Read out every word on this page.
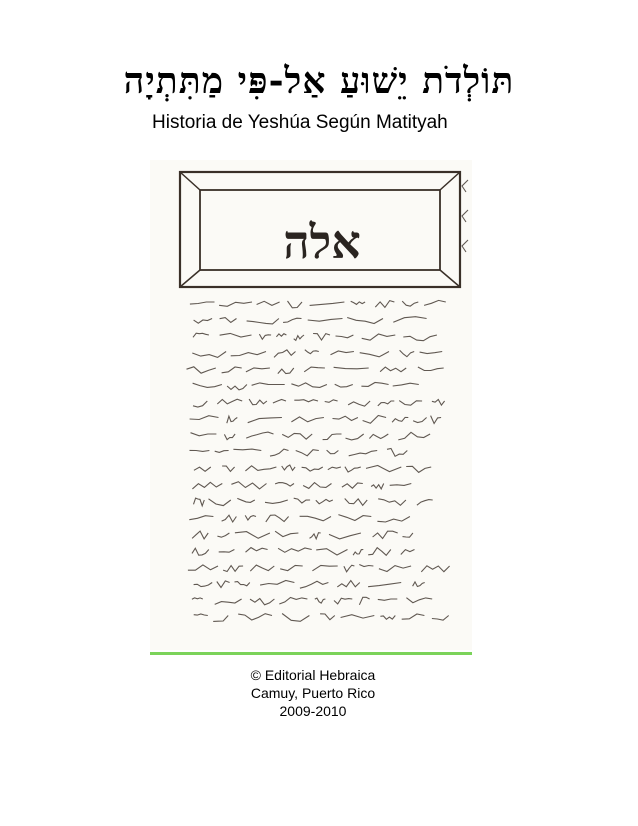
תּוֹלְדֹת יֵשׁוּעַ אַל-פִּי מַתִּתְיָה
Historia de Yeshúa Según Matityah
אלה
© Editorial Hebraica
Camuy, Puerto Rico
2009-2010
